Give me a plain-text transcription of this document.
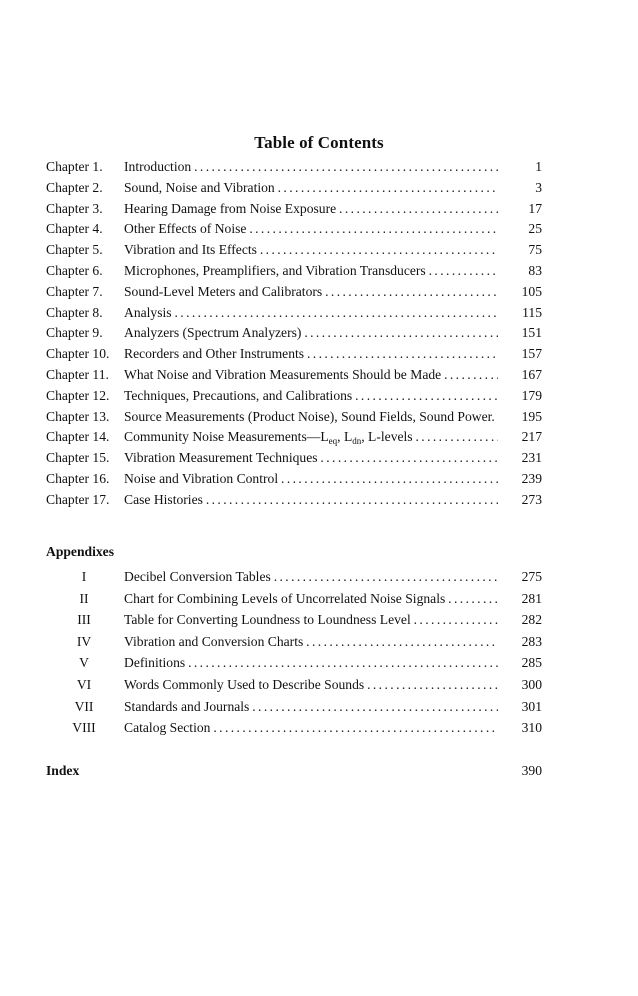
Table of Contents
Chapter 1. Introduction . . .	1
Chapter 2. Sound, Noise and Vibration . . .	3
Chapter 3. Hearing Damage from Noise Exposure . . .	17
Chapter 4. Other Effects of Noise . . .	25
Chapter 5. Vibration and Its Effects . . .	75
Chapter 6. Microphones, Preamplifiers, and Vibration Transducers . . .	83
Chapter 7. Sound-Level Meters and Calibrators . . .	105
Chapter 8. Analysis . . .	115
Chapter 9. Analyzers (Spectrum Analyzers) . . .	151
Chapter 10. Recorders and Other Instruments . . .	157
Chapter 11. What Noise and Vibration Measurements Should be Made . . .	167
Chapter 12. Techniques, Precautions, and Calibrations . . .	179
Chapter 13. Source Measurements (Product Noise), Sound Fields, Sound Power. . . .	195
Chapter 14. Community Noise $Measurements—L_{eq}$, $L_{dn}$, L-levels . . .	217
Chapter 15. Vibration Measurement Techniques . . .	231
Chapter 16. Noise and Vibration Control . . .	239
Chapter 17. Case Histories . . .	273
Appendixes
I	Decibel Conversion Tables . . .	275
II	Chart for Combining Levels of Uncorrelated Noise Signals . . .	281
III	Table for Converting Loundness to Loundness Level . . .	282
IV	Vibration and Conversion Charts . . .	283
V	Definitions . . .	285
VI	Words Commonly Used to Describe Sounds . . .	300
VII	Standards and Journals . . .	301
VIII	Catalog Section . . .	310
Index	390
